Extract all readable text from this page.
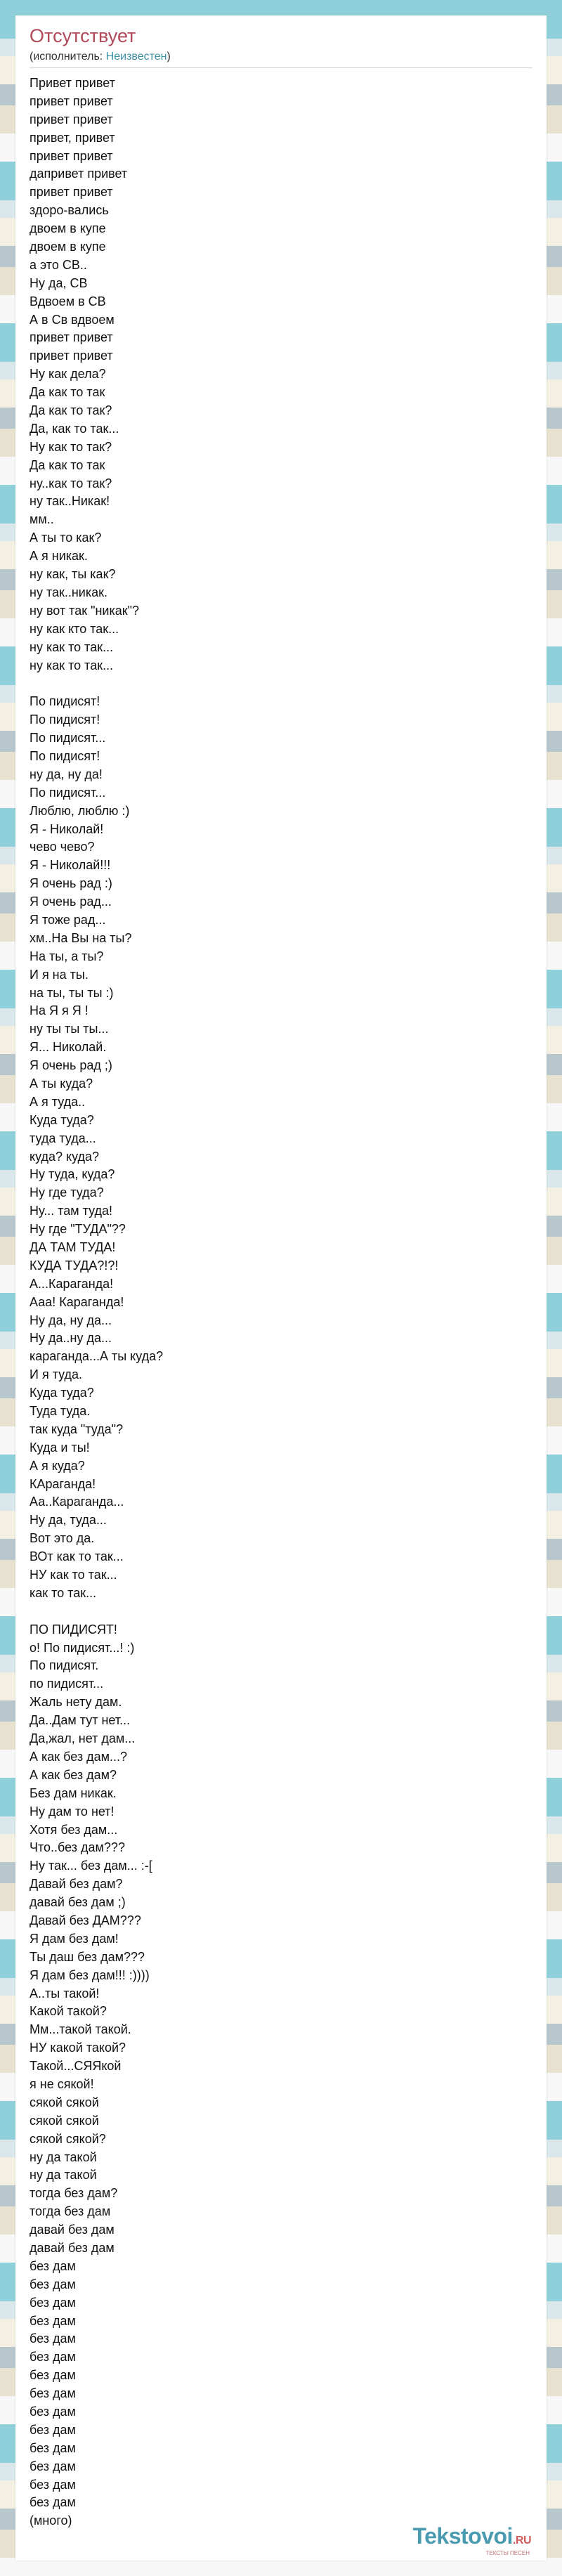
Отсутствует
(исполнитель: Неизвестен)
Привет привет
привет привет
привет привет
привет, привет
привет привет
дапривет привет
привет привет
здоро-вались
двоем в купе
двоем в купе
а это СВ..
Ну да, СВ
Вдвоем в СВ
А в Св вдвоем
привет привет
привет привет
Ну как дела?
Да как то так
Да как то так?
Да, как то так...
Ну как то так?
Да как то так
ну..как то так?
ну так..Никак!
мм..
А ты то как?
А я никак.
ну как, ты как?
ну так..никак.
ну вот так "никак"?
ну как кто так...
ну как то так...
ну как то так...
По пидисят!
По пидисят!
По пидисят...
По пидисят!
ну да, ну да!
По пидисят...
Люблю, люблю :)
Я - Николай!
чево чево?
Я - Николай!!!
Я очень рад :)
Я очень рад...
Я тоже рад...
хм..На Вы на ты?
На ты, а ты?
И я на ты.
на ты, ты ты :)
На Я я Я !
ну ты ты ты...
Я... Николай.
Я очень рад ;)
А ты куда?
А я туда..
Куда туда?
туда туда...
куда? куда?
Ну туда, куда?
Ну где туда?
Ну... там туда!
Ну где "ТУДА"??
ДА ТАМ ТУДА!
КУДА ТУДА?!?!
А...Караганда!
Ааа! Караганда!
Ну да, ну да...
Ну да..ну да...
караганда...А ты куда?
И я туда.
Куда туда?
Туда туда.
так куда "туда"?
Куда и ты!
А я куда?
КАраганда!
Аа..Караганда...
Ну да, туда...
Вот это да.
ВОт как то так...
НУ как то так...
как то так...
ПО ПИДИСЯТ!
о! По пидисят...! :)
По пидисят.
по пидисят...
Жаль нету дам.
Да..Дам тут нет...
Да,жал, нет дам...
А как без дам...?
А как без дам?
Без дам никак.
Ну дам то нет!
Хотя без дам...
Что..без дам???
Ну так... без дам... :-[
Давай без дам?
давай без дам ;)
Давай без ДАМ???
Я дам без дам!
Ты даш без дам???
Я дам без дам!!! :))))
А..ты такой!
Какой такой?
Мм...такой такой.
НУ какой такой?
Такой...СЯЯкой
я не сякой!
сякой сякой
сякой сякой
сякой сякой?
ну да такой
ну да такой
тогда без дам?
тогда без дам
давай без дам
давай без дам
без дам
без дам
без дам
без дам
без дам
без дам
без дам
без дам
без дам
без дам
без дам
без дам
без дам
без дам
(много)
Tekstovoi.RU
ТЕКСТЫ ПЕСЕН
